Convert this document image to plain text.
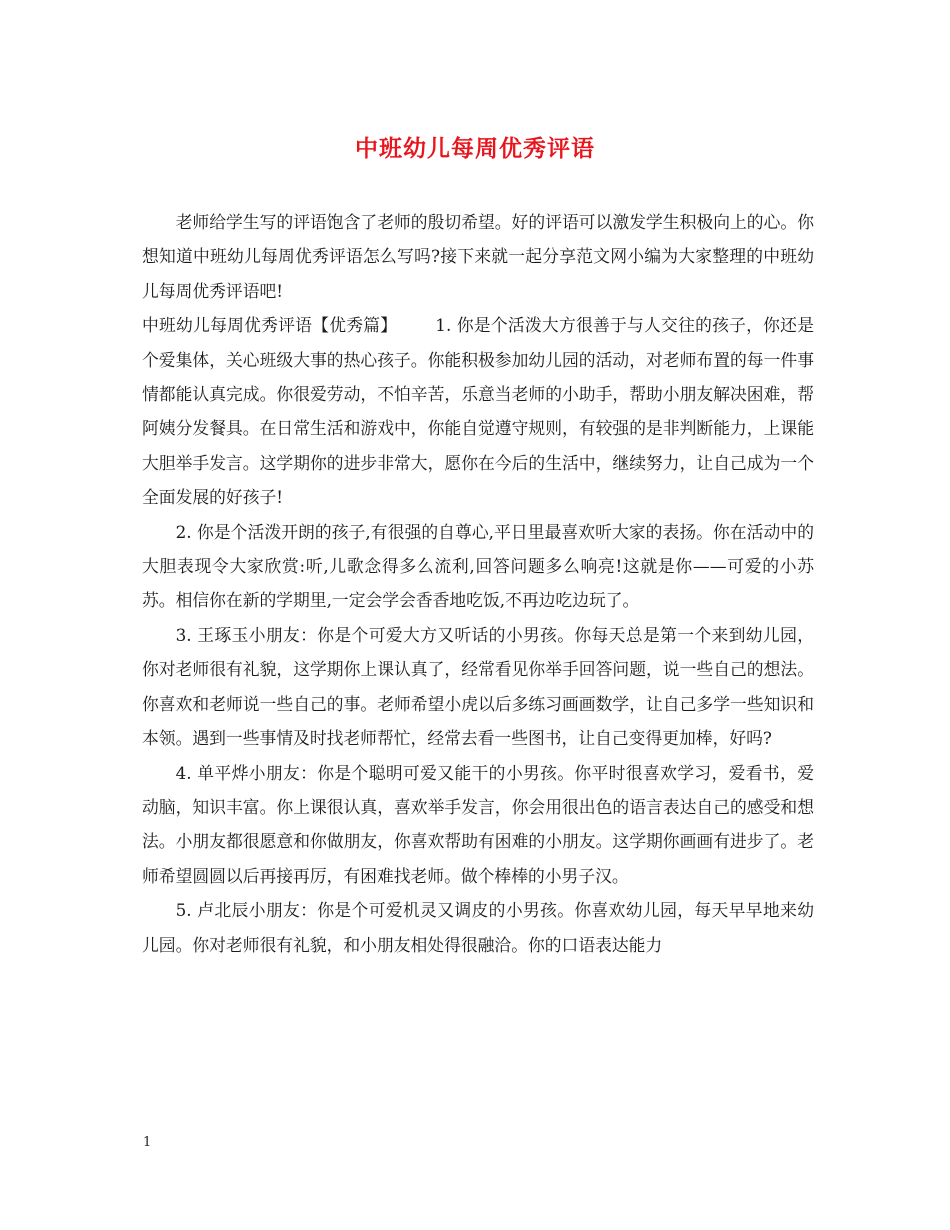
中班幼儿每周优秀评语

老师给学生写的评语饱含了老师的殷切希望。好的评语可以激发学生积极向上的心。你想知道中班幼儿每周优秀评语怎么写吗?接下来就一起分享范文网小编为大家整理的中班幼儿每周优秀评语吧!

中班幼儿每周优秀评语【优秀篇】 1. 你是个活泼大方很善于与人交往的孩子，你还是个爱集体，关心班级大事的热心孩子。你能积极参加幼儿园的活动，对老师布置的每一件事情都能认真完成。你很爱劳动，不怕辛苦，乐意当老师的小助手，帮助小朋友解决困难，帮阿姨分发餐具。在日常生活和游戏中，你能自觉遵守规则，有较强的是非判断能力，上课能大胆举手发言。这学期你的进步非常大，愿你在今后的生活中，继续努力，让自己成为一个全面发展的好孩子!

2. 你是个活泼开朗的孩子,有很强的自尊心,平日里最喜欢听大家的表扬。你在活动中的大胆表现令大家欣赏:听,儿歌念得多么流利,回答问题多么响亮!这就是你——可爱的小苏苏。相信你在新的学期里,一定会学会香香地吃饭,不再边吃边玩了。

3. 王琢玉小朋友：你是个可爱大方又听话的小男孩。你每天总是第一个来到幼儿园，你对老师很有礼貌，这学期你上课认真了，经常看见你举手回答问题，说一些自己的想法。你喜欢和老师说一些自己的事。老师希望小虎以后多练习画画数学，让自己多学一些知识和本领。遇到一些事情及时找老师帮忙，经常去看一些图书，让自己变得更加棒，好吗?

4. 单平烨小朋友：你是个聪明可爱又能干的小男孩。你平时很喜欢学习，爱看书，爱动脑，知识丰富。你上课很认真，喜欢举手发言，你会用很出色的语言表达自己的感受和想法。小朋友都很愿意和你做朋友，你喜欢帮助有困难的小朋友。这学期你画画有进步了。老师希望圆圆以后再接再厉，有困难找老师。做个棒棒的小男子汉。

5. 卢北辰小朋友：你是个可爱机灵又调皮的小男孩。你喜欢幼儿园，每天早早地来幼儿园。你对老师很有礼貌，和小朋友相处得很融洽。你的口语表达能力

1
